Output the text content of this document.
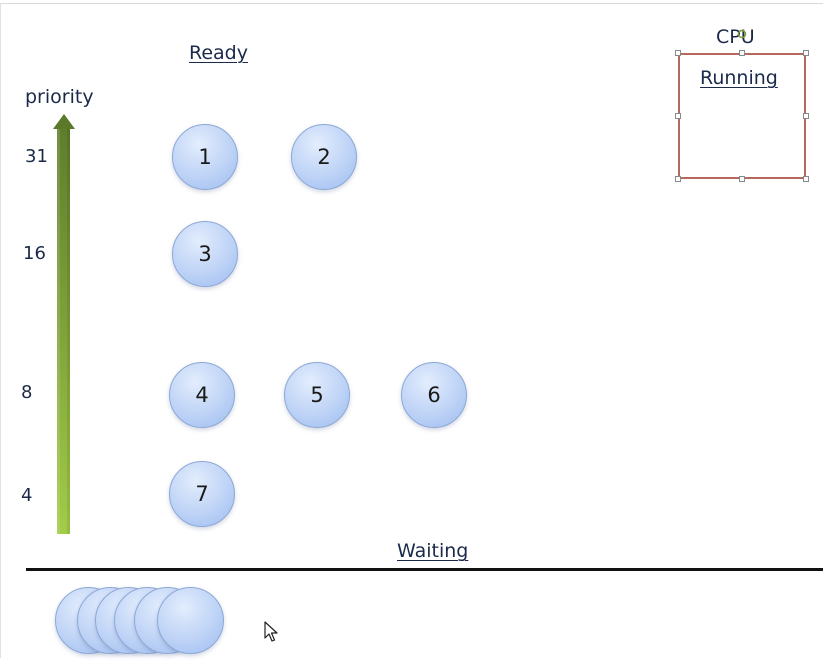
Ready
CPU
priority
Waiting
31
16
8
4
1	2
3
4	5	6
7
Running
